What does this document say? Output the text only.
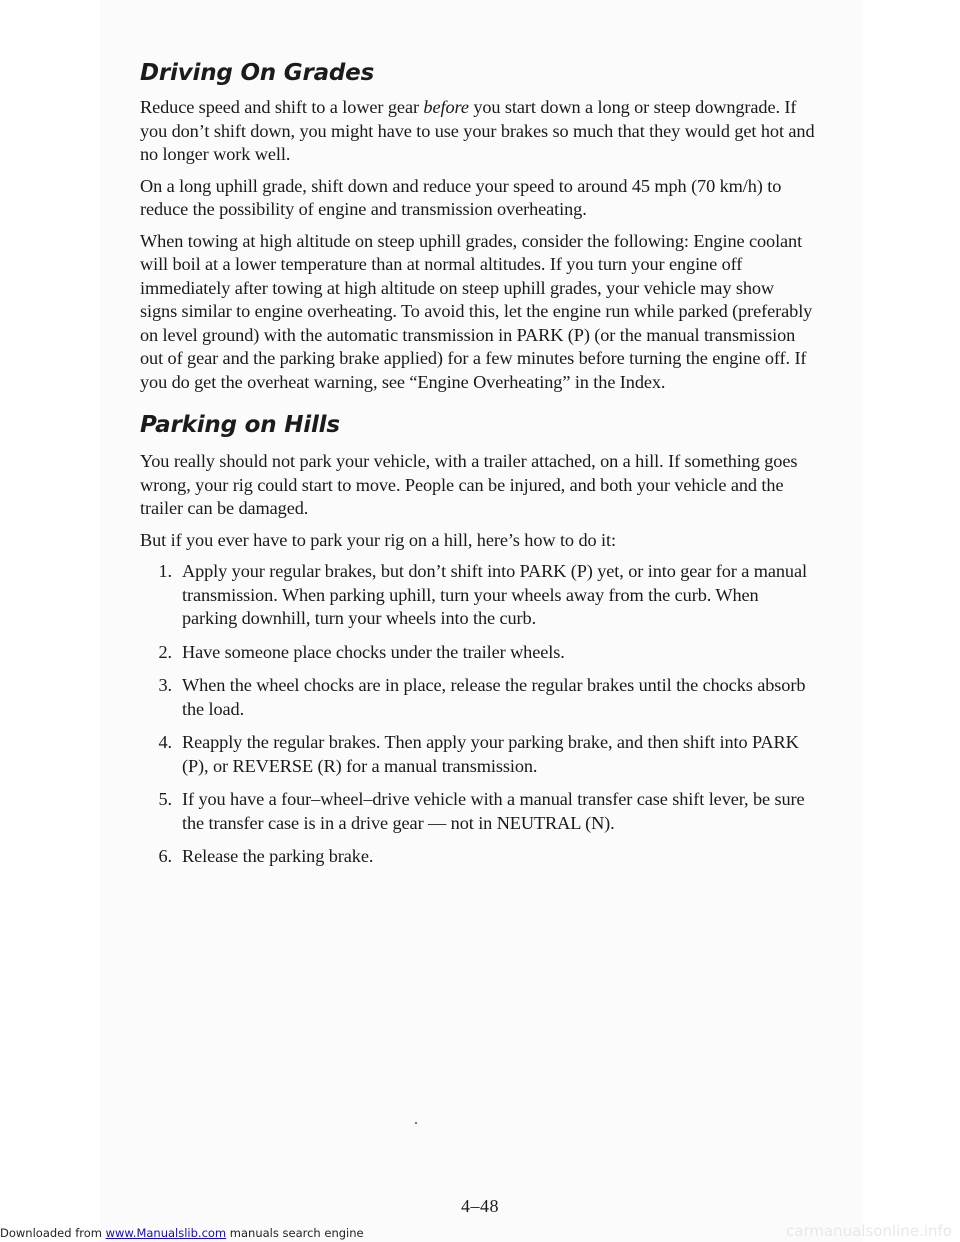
Driving On Grades

Reduce speed and shift to a lower gear before you start down a long or steep downgrade. If you don’t shift down, you might have to use your brakes so much that they would get hot and no longer work well.

On a long uphill grade, shift down and reduce your speed to around 45 mph (70 km/h) to reduce the possibility of engine and transmission overheating.

When towing at high altitude on steep uphill grades, consider the following: Engine coolant will boil at a lower temperature than at normal altitudes. If you turn your engine off immediately after towing at high altitude on steep uphill grades, your vehicle may show signs similar to engine overheating. To avoid this, let the engine run while parked (preferably on level ground) with the automatic transmission in PARK (P) (or the manual transmission out of gear and the parking brake applied) for a few minutes before turning the engine off. If you do get the overheat warning, see “Engine Overheating” in the Index.

Parking on Hills

You really should not park your vehicle, with a trailer attached, on a hill. If something goes wrong, your rig could start to move. People can be injured, and both your vehicle and the trailer can be damaged.

But if you ever have to park your rig on a hill, here’s how to do it:

1. Apply your regular brakes, but don’t shift into PARK (P) yet, or into gear for a manual transmission. When parking uphill, turn your wheels away from the curb. When parking downhill, turn your wheels into the curb.
2. Have someone place chocks under the trailer wheels.
3. When the wheel chocks are in place, release the regular brakes until the chocks absorb the load.
4. Reapply the regular brakes. Then apply your parking brake, and then shift into PARK (P), or REVERSE (R) for a manual transmission.
5. If you have a four–wheel–drive vehicle with a manual transfer case shift lever, be sure the transfer case is in a drive gear — not in NEUTRAL (N).
6. Release the parking brake.
4–48
Downloaded from www.Manualslib.com manuals search engine	carmanualsonline.info
